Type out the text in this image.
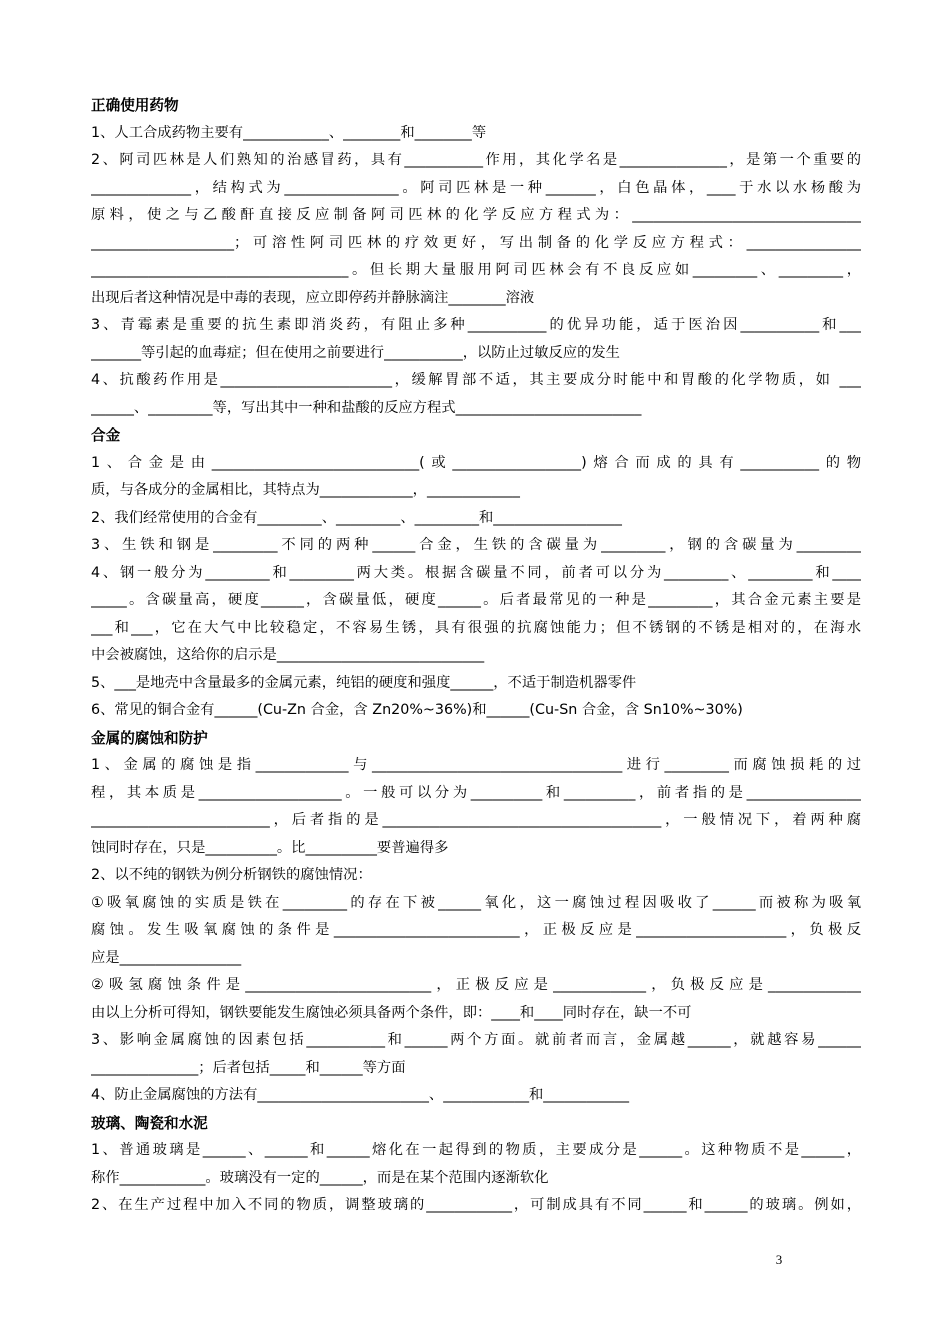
正确使用药物
1、人工合成药物主要有____________、________和________等
2、阿司匹林是人们熟知的治感冒药，具有___________作用，其化学名是_______________，是第一个重要的
______________，结构式为________________。阿司匹林是一种_______，白色晶体，____于水以水杨酸为
原料，使之与乙酸酐直接反应制备阿司匹林的化学反应方程式为：________________________________
____________________；可溶性阿司匹林的疗效更好，写出制备的化学反应方程式：________________
____________________________________。但长期大量服用阿司匹林会有不良反应如_________、_________，
出现后者这种情况是中毒的表现，应立即停药并静脉滴注________溶液
3、青霉素是重要的抗生素即消炎药，有阻止多种___________的优异功能，适于医治因___________和___
_______等引起的血毒症；但在使用之前要进行___________，以防止过敏反应的发生
4、抗酸药作用是________________________，缓解胃部不适，其主要成分时能中和胃酸的化学物质，如 ___
______、_________等，写出其中一种和盐酸的反应方程式__________________________
合金
1、合金是由_____________________________(或__________________)熔合而成的具有___________的物
质，与各成分的金属相比，其特点为_____________，_____________
2、我们经常使用的合金有_________、_________、_________和__________________
3、生铁和钢是_________不同的两种______合金，生铁的含碳量为_________，钢的含碳量为_________
4、钢一般分为_________和_________两大类。根据含碳量不同，前者可以分为_________、_________和____
_____。含碳量高，硬度______，含碳量低，硬度______。后者最常见的一种是_________，其合金元素主要是
___和___，它在大气中比较稳定，不容易生锈，具有很强的抗腐蚀能力；但不锈钢的不锈是相对的，在海水
中会被腐蚀，这给你的启示是_____________________________
5、___是地壳中含量最多的金属元素，纯铝的硬度和强度______，不适于制造机器零件
6、常见的铜合金有______(Cu-Zn 合金，含 Zn20%~36%)和______(Cu-Sn 合金，含 Sn10%~30%)
金属的腐蚀和防护
1、金属的腐蚀是指_____________与___________________________________进行_________而腐蚀损耗的过
程，其本质是____________________。一般可以分为__________和__________，前者指的是________________
_________________________，后者指的是_______________________________________，一般情况下，着两种腐
蚀同时存在，只是__________。比__________要普遍得多
2、以不纯的钢铁为例分析钢铁的腐蚀情况：
①吸氧腐蚀的实质是铁在_________的存在下被______氧化，这一腐蚀过程因吸收了______而被称为吸氧
腐蚀。发生吸氧腐蚀的条件是__________________________，正极反应是_____________________，负极反
应是_________________
②吸氢腐蚀条件是__________________________，正极反应是_____________，负极反应是_____________
由以上分析可得知，钢铁要能发生腐蚀必须具备两个条件，即：____和____同时存在，缺一不可
3、影响金属腐蚀的因素包括___________和______两个方面。就前者而言，金属越______，就越容易______
_______________；后者包括_____和______等方面
4、防止金属腐蚀的方法有________________________、____________和____________
玻璃、陶瓷和水泥
1、普通玻璃是______、______和______熔化在一起得到的物质，主要成分是______。这种物质不是______，
称作____________。玻璃没有一定的______，而是在某个范围内逐渐软化
2、在生产过程中加入不同的物质，调整玻璃的____________，可制成具有不同______和______的玻璃。例如，
3
